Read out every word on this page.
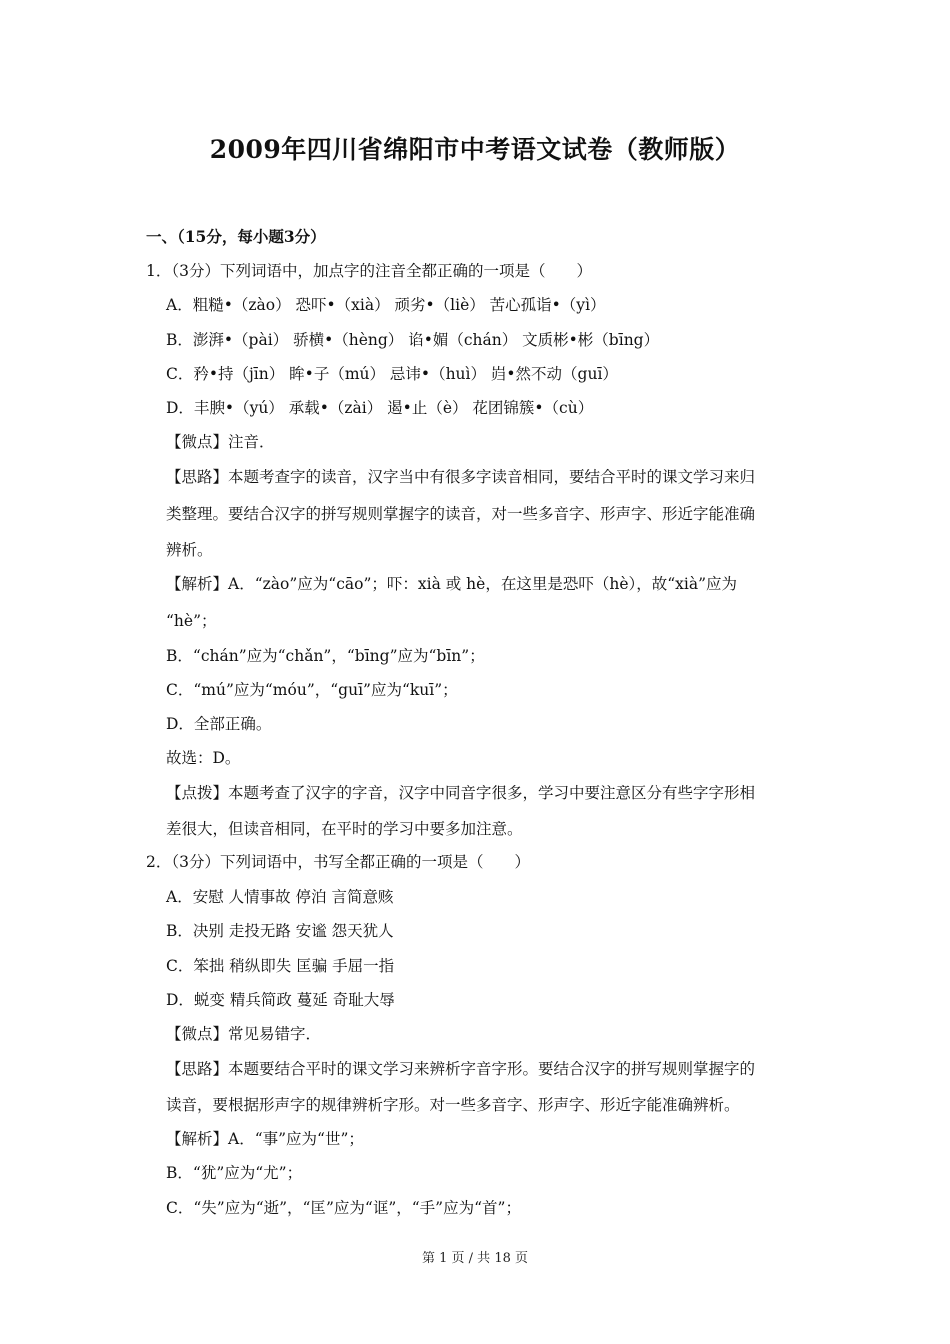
2009年四川省绵阳市中考语文试卷（教师版）
一、（15分，每小题3分）
1．（3分）下列词语中，加点字的注音全都正确的一项是（　　）
A．粗糙•（zào） 恐吓•（xià） 顽劣•（liè） 苦心孤诣•（yì）
B．澎湃•（pài） 骄横•（hèng） 谄•媚（chán） 文质彬•彬（bīng）
C．矜•持（jīn） 眸•子（mú） 忌讳•（huì） 岿•然不动（guī）
D．丰腴•（yú） 承载•（zài） 遏•止（è） 花团锦簇•（cù）
【微点】注音．
【思路】本题考查字的读音，汉字当中有很多字读音相同，要结合平时的课文学习来归
类整理。要结合汉字的拼写规则掌握字的读音，对一些多音字、形声字、形近字能准确
辨析。
【解析】A．“zào”应为“cāo”；吓：xià 或 hè，在这里是恐吓（hè），故“xià”应为
“hè”；
B．“chán”应为“chǎn”，“bīng”应为“bīn”；
C．“mú”应为“móu”，“guī”应为“kuī”；
D．全部正确。
故选：D。
【点拨】本题考查了汉字的字音，汉字中同音字很多，学习中要注意区分有些字字形相
差很大，但读音相同，在平时的学习中要多加注意。
2．（3分）下列词语中，书写全都正确的一项是（　　）
A．安慰 人情事故 停泊 言简意赅
B．决别 走投无路 安谧 怨天犹人
C．笨拙 稍纵即失 匡骗 手屈一指
D．蜕变 精兵简政 蔓延 奇耻大辱
【微点】常见易错字．
【思路】本题要结合平时的课文学习来辨析字音字形。要结合汉字的拼写规则掌握字的
读音，要根据形声字的规律辨析字形。对一些多音字、形声字、形近字能准确辨析。
【解析】A．“事”应为“世”；
B．“犹”应为“尤”；
C．“失”应为“逝”，“匡”应为“诓”，“手”应为“首”；
第 1 页 / 共 18 页
